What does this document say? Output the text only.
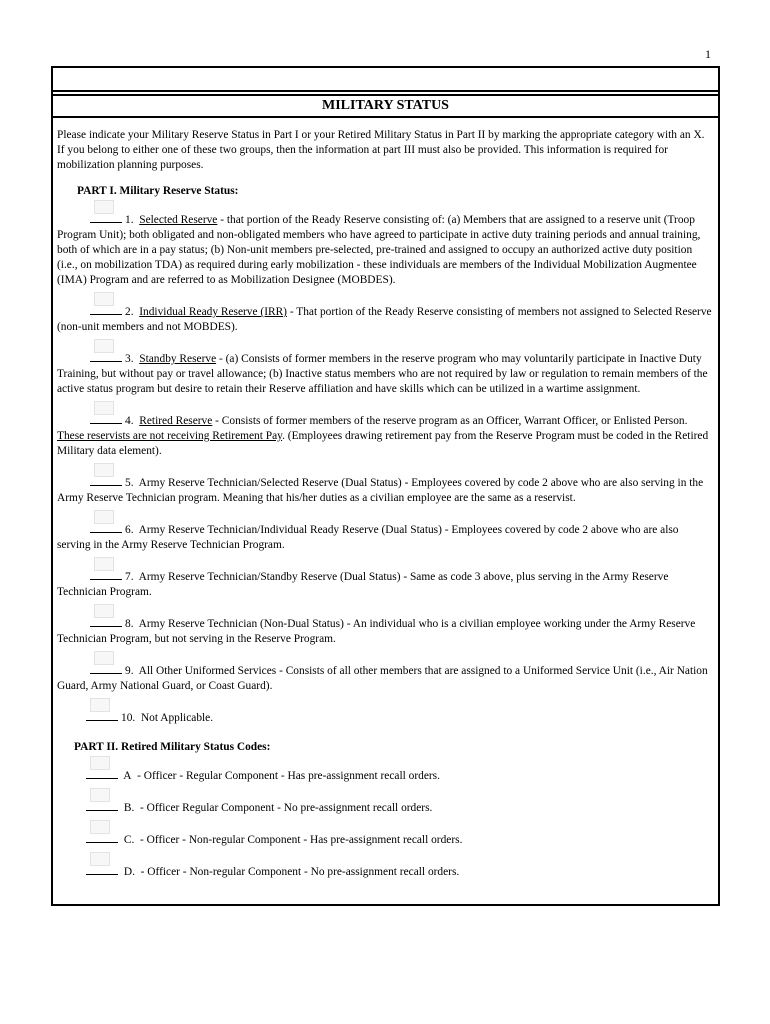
1
MILITARY STATUS

Please indicate your Military Reserve Status in Part I or your Retired Military Status in Part II by marking the appropriate category with an X. If you belong to either one of these two groups, then the information at part III must also be provided. This information is required for mobilization planning purposes.

PART I. Military Reserve Status:

1. Selected Reserve - that portion of the Ready Reserve consisting of: (a) Members that are assigned to a reserve unit (Troop Program Unit); both obligated and non-obligated members who have agreed to participate in active duty training periods and annual training, both of which are in a pay status; (b) Non-unit members pre-selected, pre-trained and assigned to occupy an authorized active duty position (i.e., on mobilization TDA) as required during early mobilization - these individuals are members of the Individual Mobilization Augmentee (IMA) Program and are referred to as Mobilization Designee (MOBDES).

2. Individual Ready Reserve (IRR) - That portion of the Ready Reserve consisting of members not assigned to Selected Reserve (non-unit members and not MOBDES).

3. Standby Reserve - (a) Consists of former members in the reserve program who may voluntarily participate in Inactive Duty Training, but without pay or travel allowance; (b) Inactive status members who are not required by law or regulation to remain members of the active status program but desire to retain their Reserve affiliation and have skills which can be utilized in a wartime assignment.

4. Retired Reserve - Consists of former members of the reserve program as an Officer, Warrant Officer, or Enlisted Person. These reservists are not receiving Retirement Pay. (Employees drawing retirement pay from the Reserve Program must be coded in the Retired Military data element).

5. Army Reserve Technician/Selected Reserve (Dual Status) - Employees covered by code 2 above who are also serving in the Army Reserve Technician program. Meaning that his/her duties as a civilian employee are the same as a reservist.

6. Army Reserve Technician/Individual Ready Reserve (Dual Status) - Employees covered by code 2 above who are also serving in the Army Reserve Technician Program.

7. Army Reserve Technician/Standby Reserve (Dual Status) - Same as code 3 above, plus serving in the Army Reserve Technician Program.

8. Army Reserve Technician (Non-Dual Status) - An individual who is a civilian employee working under the Army Reserve Technician Program, but not serving in the Reserve Program.

9. All Other Uniformed Services - Consists of all other members that are assigned to a Uniformed Service Unit (i.e., Air Nation Guard, Army National Guard, or Coast Guard).

10. Not Applicable.

PART II. Retired Military Status Codes:

A - Officer - Regular Component - Has pre-assignment recall orders.

B. - Officer Regular Component - No pre-assignment recall orders.

C. - Officer - Non-regular Component - Has pre-assignment recall orders.

D. - Officer - Non-regular Component - No pre-assignment recall orders.
